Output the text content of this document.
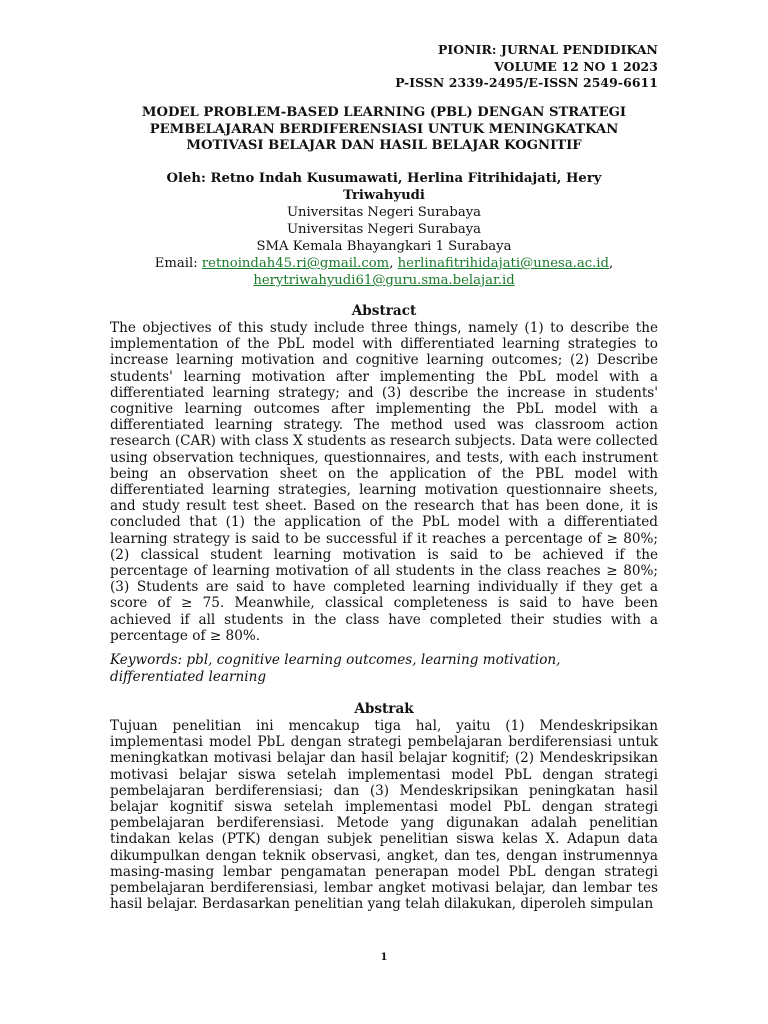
PIONIR: JURNAL PENDIDIKAN
VOLUME 12 NO 1 2023
P-ISSN 2339-2495/E-ISSN 2549-6611
MODEL PROBLEM-BASED LEARNING (PBL) DENGAN STRATEGI
PEMBELAJARAN BERDIFERENSIASI UNTUK MENINGKATKAN
MOTIVASI BELAJAR DAN HASIL BELAJAR KOGNITIF
Oleh: Retno Indah Kusumawati, Herlina Fitrihidajati, Hery
Triwahyudi
Universitas Negeri Surabaya
Universitas Negeri Surabaya
SMA Kemala Bhayangkari 1 Surabaya
Email: retnoindah45.ri@gmail.com, herlinafitrihidajati@unesa.ac.id,
herytriwahyudi61@guru.sma.belajar.id
Abstract
The objectives of this study include three things, namely (1) to describe the implementation of the PbL model with differentiated learning strategies to increase learning motivation and cognitive learning outcomes; (2) Describe students' learning motivation after implementing the PbL model with a differentiated learning strategy; and (3) describe the increase in students' cognitive learning outcomes after implementing the PbL model with a differentiated learning strategy. The method used was classroom action research (CAR) with class X students as research subjects. Data were collected using observation techniques, questionnaires, and tests, with each instrument being an observation sheet on the application of the PBL model with differentiated learning strategies, learning motivation questionnaire sheets, and study result test sheet. Based on the research that has been done, it is concluded that (1) the application of the PbL model with a differentiated learning strategy is said to be successful if it reaches a percentage of ≥ 80%; (2) classical student learning motivation is said to be achieved if the percentage of learning motivation of all students in the class reaches ≥ 80%; (3) Students are said to have completed learning individually if they get a score of ≥ 75. Meanwhile, classical completeness is said to have been achieved if all students in the class have completed their studies with a percentage of ≥ 80%.
Keywords: pbl, cognitive learning outcomes, learning motivation, differentiated learning
Abstrak
Tujuan penelitian ini mencakup tiga hal, yaitu (1) Mendeskripsikan implementasi model PbL dengan strategi pembelajaran berdiferensiasi untuk meningkatkan motivasi belajar dan hasil belajar kognitif; (2) Mendeskripsikan motivasi belajar siswa setelah implementasi model PbL dengan strategi pembelajaran berdiferensiasi; dan (3) Mendeskripsikan peningkatan hasil belajar kognitif siswa setelah implementasi model PbL dengan strategi pembelajaran berdiferensiasi. Metode yang digunakan adalah penelitian tindakan kelas (PTK) dengan subjek penelitian siswa kelas X. Adapun data dikumpulkan dengan teknik observasi, angket, dan tes, dengan instrumennya masing-masing lembar pengamatan penerapan model PbL dengan strategi pembelajaran berdiferensiasi, lembar angket motivasi belajar, dan lembar tes hasil belajar. Berdasarkan penelitian yang telah dilakukan, diperoleh simpulan
1
